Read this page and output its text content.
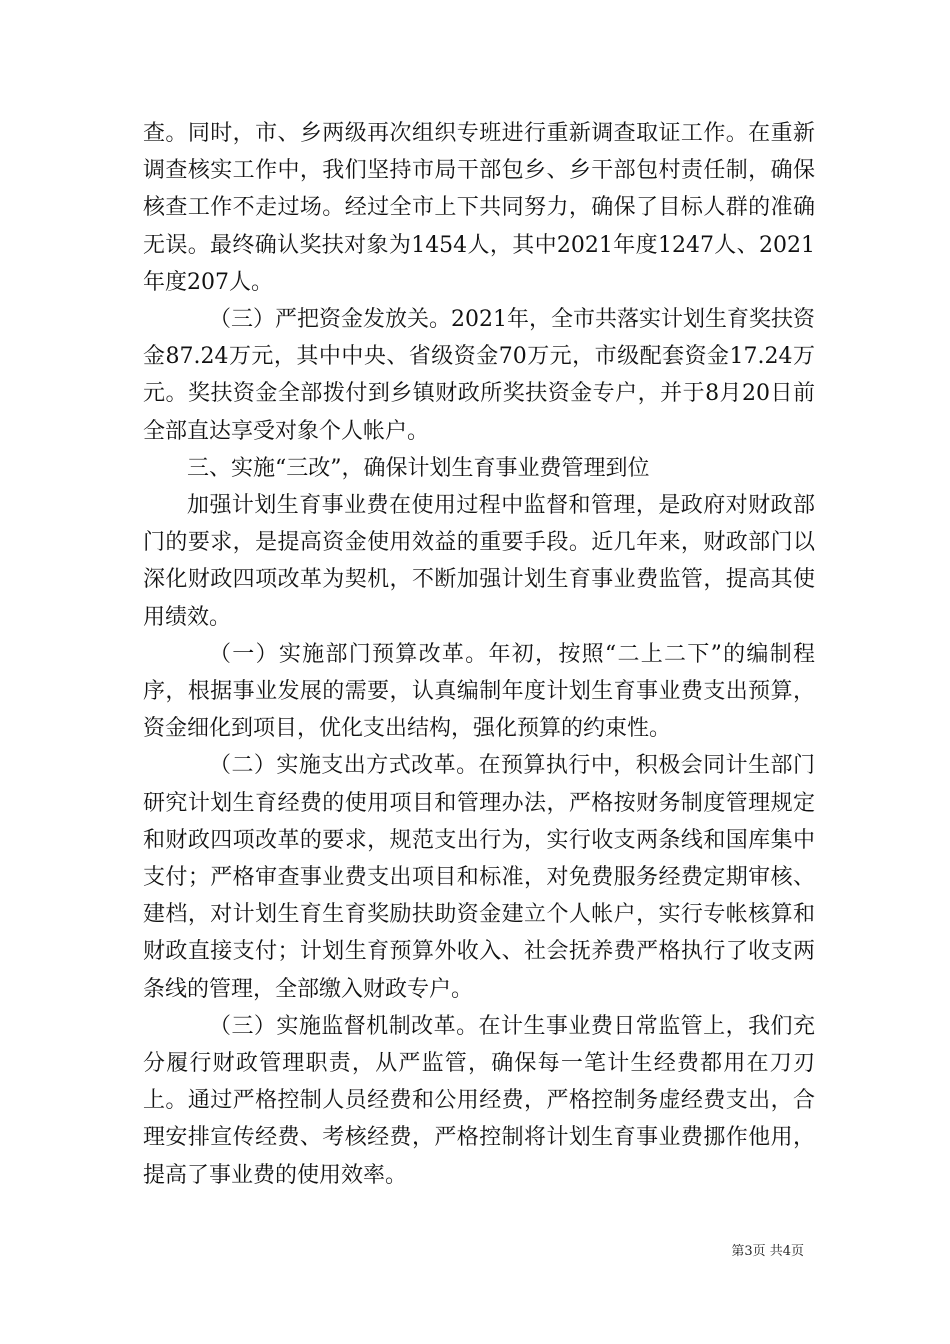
查。同时，市、乡两级再次组织专班进行重新调查取证工作。在重新调查核实工作中，我们坚持市局干部包乡、乡干部包村责任制，确保核查工作不走过场。经过全市上下共同努力，确保了目标人群的准确无误。最终确认奖扶对象为1454人，其中2021年度1247人、2021年度207人。

（三）严把资金发放关。2021年，全市共落实计划生育奖扶资金87.24万元，其中中央、省级资金70万元，市级配套资金17.24万元。奖扶资金全部拨付到乡镇财政所奖扶资金专户，并于8月20日前全部直达享受对象个人帐户。

三、实施“三改”，确保计划生育事业费管理到位

加强计划生育事业费在使用过程中监督和管理，是政府对财政部门的要求，是提高资金使用效益的重要手段。近几年来，财政部门以深化财政四项改革为契机，不断加强计划生育事业费监管，提高其使用绩效。

（一）实施部门预算改革。年初，按照“二上二下”的编制程序，根据事业发展的需要，认真编制年度计划生育事业费支出预算，资金细化到项目，优化支出结构，强化预算的约束性。

（二）实施支出方式改革。在预算执行中，积极会同计生部门研究计划生育经费的使用项目和管理办法，严格按财务制度管理规定和财政四项改革的要求，规范支出行为，实行收支两条线和国库集中支付；严格审查事业费支出项目和标准，对免费服务经费定期审核、建档，对计划生育生育奖励扶助资金建立个人帐户，实行专帐核算和财政直接支付；计划生育预算外收入、社会抚养费严格执行了收支两条线的管理，全部缴入财政专户。

（三）实施监督机制改革。在计生事业费日常监管上，我们充分履行财政管理职责，从严监管，确保每一笔计生经费都用在刀刃上。通过严格控制人员经费和公用经费，严格控制务虚经费支出，合理安排宣传经费、考核经费，严格控制将计划生育事业费挪作他用，提高了事业费的使用效率。

第3页 共4页
